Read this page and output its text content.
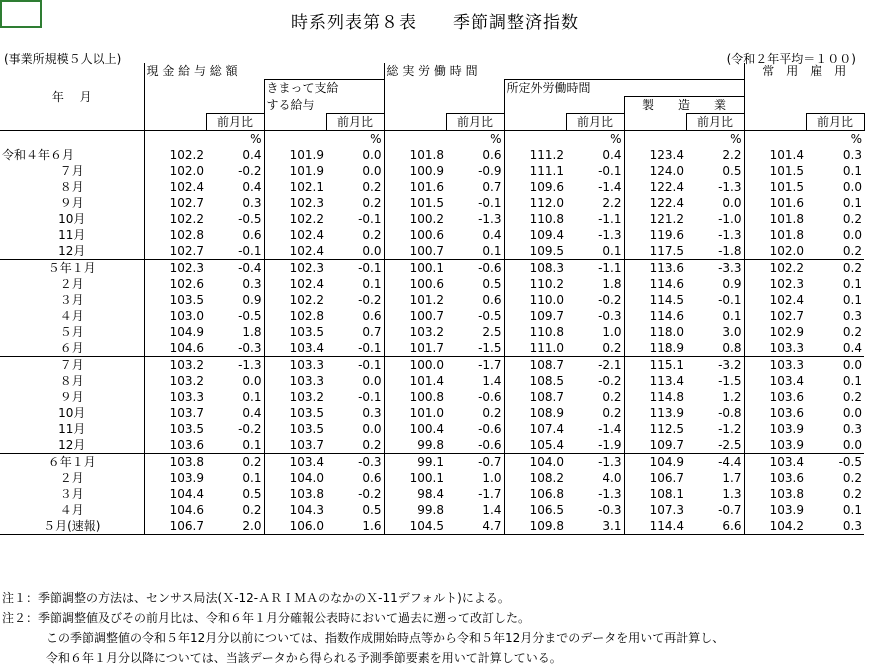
時系列表第８表　　季節調整済指数
(事業所規模５人以上)	(令和２年平均＝１００)
年　 月	現 金 給 与 総 額				総 実 労 働 時 間						常　用　雇　用	
			きまって支給				所定外労働時間					
			する給与						製　　造　　業			
		前月比		前月比		前月比		前月比		前月比		前月比
		%		%		%		%		%		%
令和４年６月	102.2	0.4	101.9	0.0	101.8	0.6	111.2	0.4	123.4	2.2	101.4	0.3
７月	102.0	-0.2	101.9	0.0	100.9	-0.9	111.1	-0.1	124.0	0.5	101.5	0.1
８月	102.4	0.4	102.1	0.2	101.6	0.7	109.6	-1.4	122.4	-1.3	101.5	0.0
９月	102.7	0.3	102.3	0.2	101.5	-0.1	112.0	2.2	122.4	0.0	101.6	0.1
10月	102.2	-0.5	102.2	-0.1	100.2	-1.3	110.8	-1.1	121.2	-1.0	101.8	0.2
11月	102.8	0.6	102.4	0.2	100.6	0.4	109.4	-1.3	119.6	-1.3	101.8	0.0
12月	102.7	-0.1	102.4	0.0	100.7	0.1	109.5	0.1	117.5	-1.8	102.0	0.2
５年１月	102.3	-0.4	102.3	-0.1	100.1	-0.6	108.3	-1.1	113.6	-3.3	102.2	0.2
２月	102.6	0.3	102.4	0.1	100.6	0.5	110.2	1.8	114.6	0.9	102.3	0.1
３月	103.5	0.9	102.2	-0.2	101.2	0.6	110.0	-0.2	114.5	-0.1	102.4	0.1
４月	103.0	-0.5	102.8	0.6	100.7	-0.5	109.7	-0.3	114.6	0.1	102.7	0.3
５月	104.9	1.8	103.5	0.7	103.2	2.5	110.8	1.0	118.0	3.0	102.9	0.2
６月	104.6	-0.3	103.4	-0.1	101.7	-1.5	111.0	0.2	118.9	0.8	103.3	0.4
７月	103.2	-1.3	103.3	-0.1	100.0	-1.7	108.7	-2.1	115.1	-3.2	103.3	0.0
８月	103.2	0.0	103.3	0.0	101.4	1.4	108.5	-0.2	113.4	-1.5	103.4	0.1
９月	103.3	0.1	103.2	-0.1	100.8	-0.6	108.7	0.2	114.8	1.2	103.6	0.2
10月	103.7	0.4	103.5	0.3	101.0	0.2	108.9	0.2	113.9	-0.8	103.6	0.0
11月	103.5	-0.2	103.5	0.0	100.4	-0.6	107.4	-1.4	112.5	-1.2	103.9	0.3
12月	103.6	0.1	103.7	0.2	99.8	-0.6	105.4	-1.9	109.7	-2.5	103.9	0.0
６年１月	103.8	0.2	103.4	-0.3	99.1	-0.7	104.0	-1.3	104.9	-4.4	103.4	-0.5
２月	103.9	0.1	104.0	0.6	100.1	1.0	108.2	4.0	106.7	1.7	103.6	0.2
３月	104.4	0.5	103.8	-0.2	98.4	-1.7	106.8	-1.3	108.1	1.3	103.8	0.2
４月	104.6	0.2	104.3	0.5	99.8	1.4	106.5	-0.3	107.3	-0.7	103.9	0.1
５月(速報)	106.7	2.0	106.0	1.6	104.5	4.7	109.8	3.1	114.4	6.6	104.2	0.3
注１：季節調整の方法は、センサス局法(Ｘ-12-ＡＲＩＭＡのなかのＸ-11デフォルト)による。
注２：季節調整値及びその前月比は、令和６年１月分確報公表時において過去に遡って改訂した。
この季節調整値の令和５年12月分以前については、指数作成開始時点等から令和５年12月分までのデータを用いて再計算し、
令和６年１月分以降については、当該データから得られる予測季節要素を用いて計算している。
